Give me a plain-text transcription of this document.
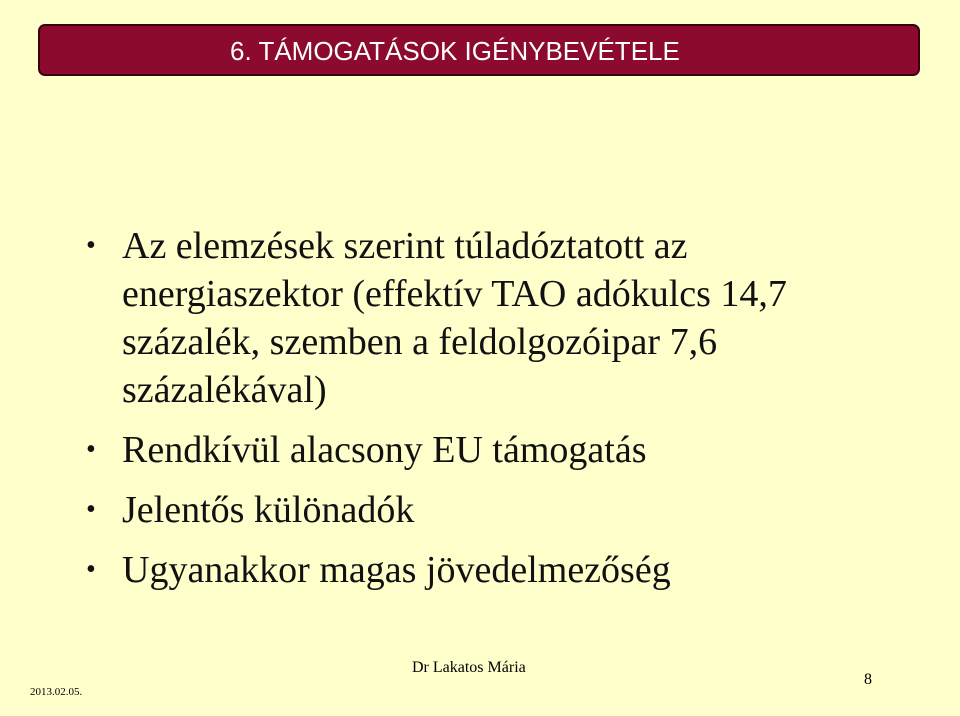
6. TÁMOGATÁSOK IGÉNYBEVÉTELE
• Az elemzések szerint túladóztatott az energiaszektor (effektív TAO adókulcs 14,7 százalék, szemben a feldolgozóipar 7,6 százalékával)
• Rendkívül alacsony EU támogatás
• Jelentős különadók
• Ugyanakkor magas jövedelmezőség
2013.02.05.
Dr Lakatos Mária
8
